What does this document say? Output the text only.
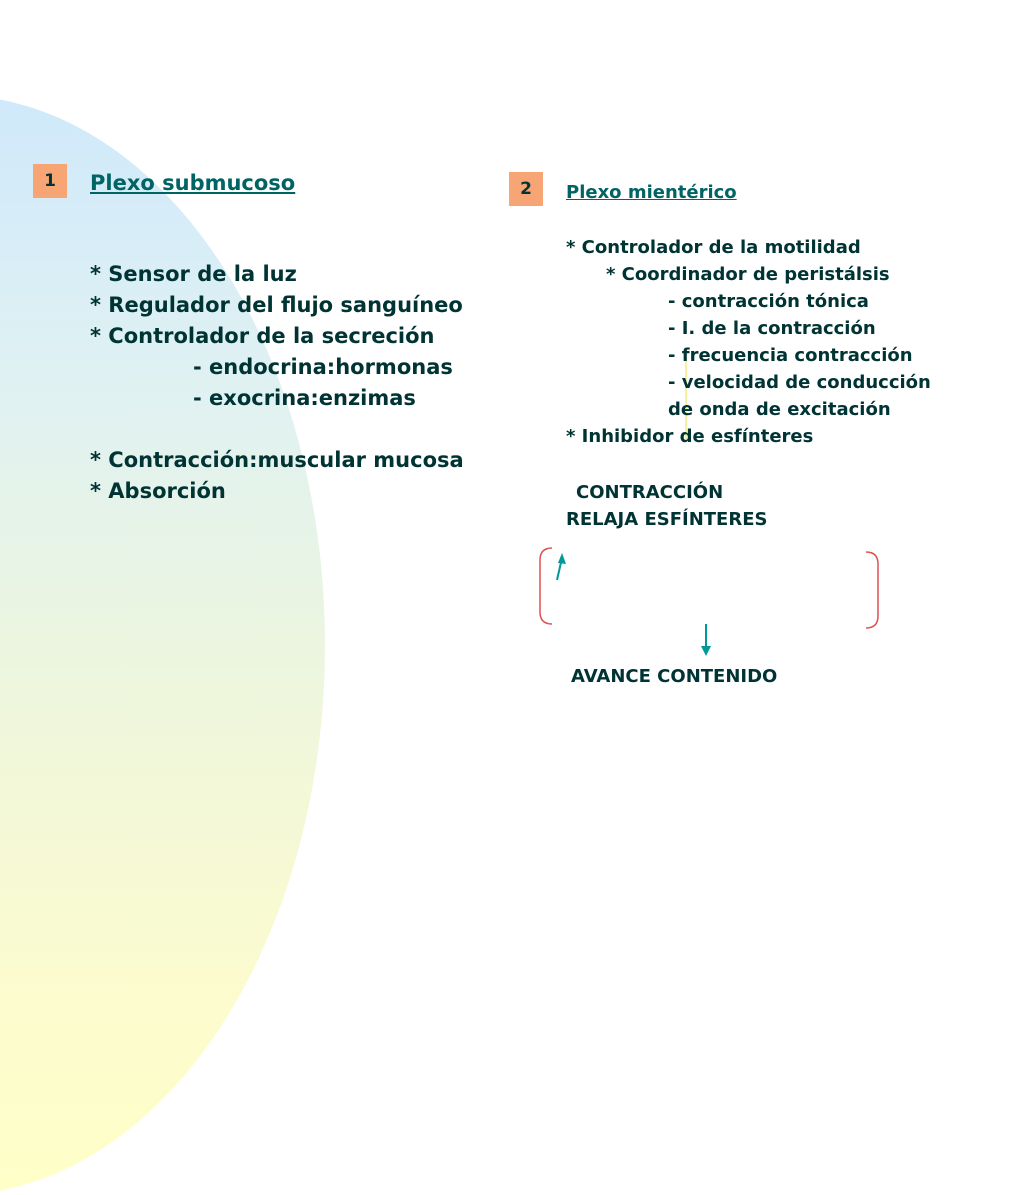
1	Plexo submucoso
* Sensor de la luz
* Regulador del flujo sanguíneo
* Controlador de la secreción
- endocrina:hormonas
- exocrina:enzimas
* Contracción:muscular mucosa
* Absorción
2	Plexo mientérico
* Controlador de la motilidad
* Coordinador de peristálsis
- contracción tónica
- I. de la contracción
- frecuencia contracción
- velocidad de conducción
de onda de excitación
* Inhibidor de esfínteres
CONTRACCIÓN
RELAJA ESFÍNTERES
AVANCE CONTENIDO
